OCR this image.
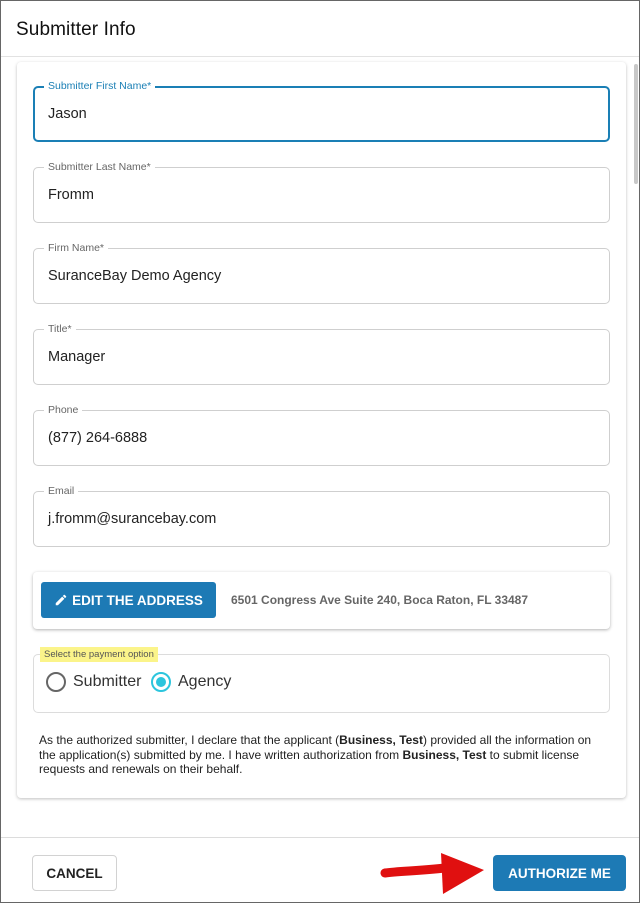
Submitter Info
Submitter First Name*
Jason
Submitter Last Name*
Fromm
Firm Name*
SuranceBay Demo Agency
Title*
Manager
Phone
(877) 264-6888
Email
j.fromm@surancebay.com
EDIT THE ADDRESS 6501 Congress Ave Suite 240, Boca Raton, FL 33487
Select the payment option
Submitter Agency

As the authorized submitter, I declare that the applicant (Business, Test) provided all the information on the application(s) submitted by me. I have written authorization from Business, Test to submit license requests and renewals on their behalf.

CANCEL	AUTHORIZE ME
